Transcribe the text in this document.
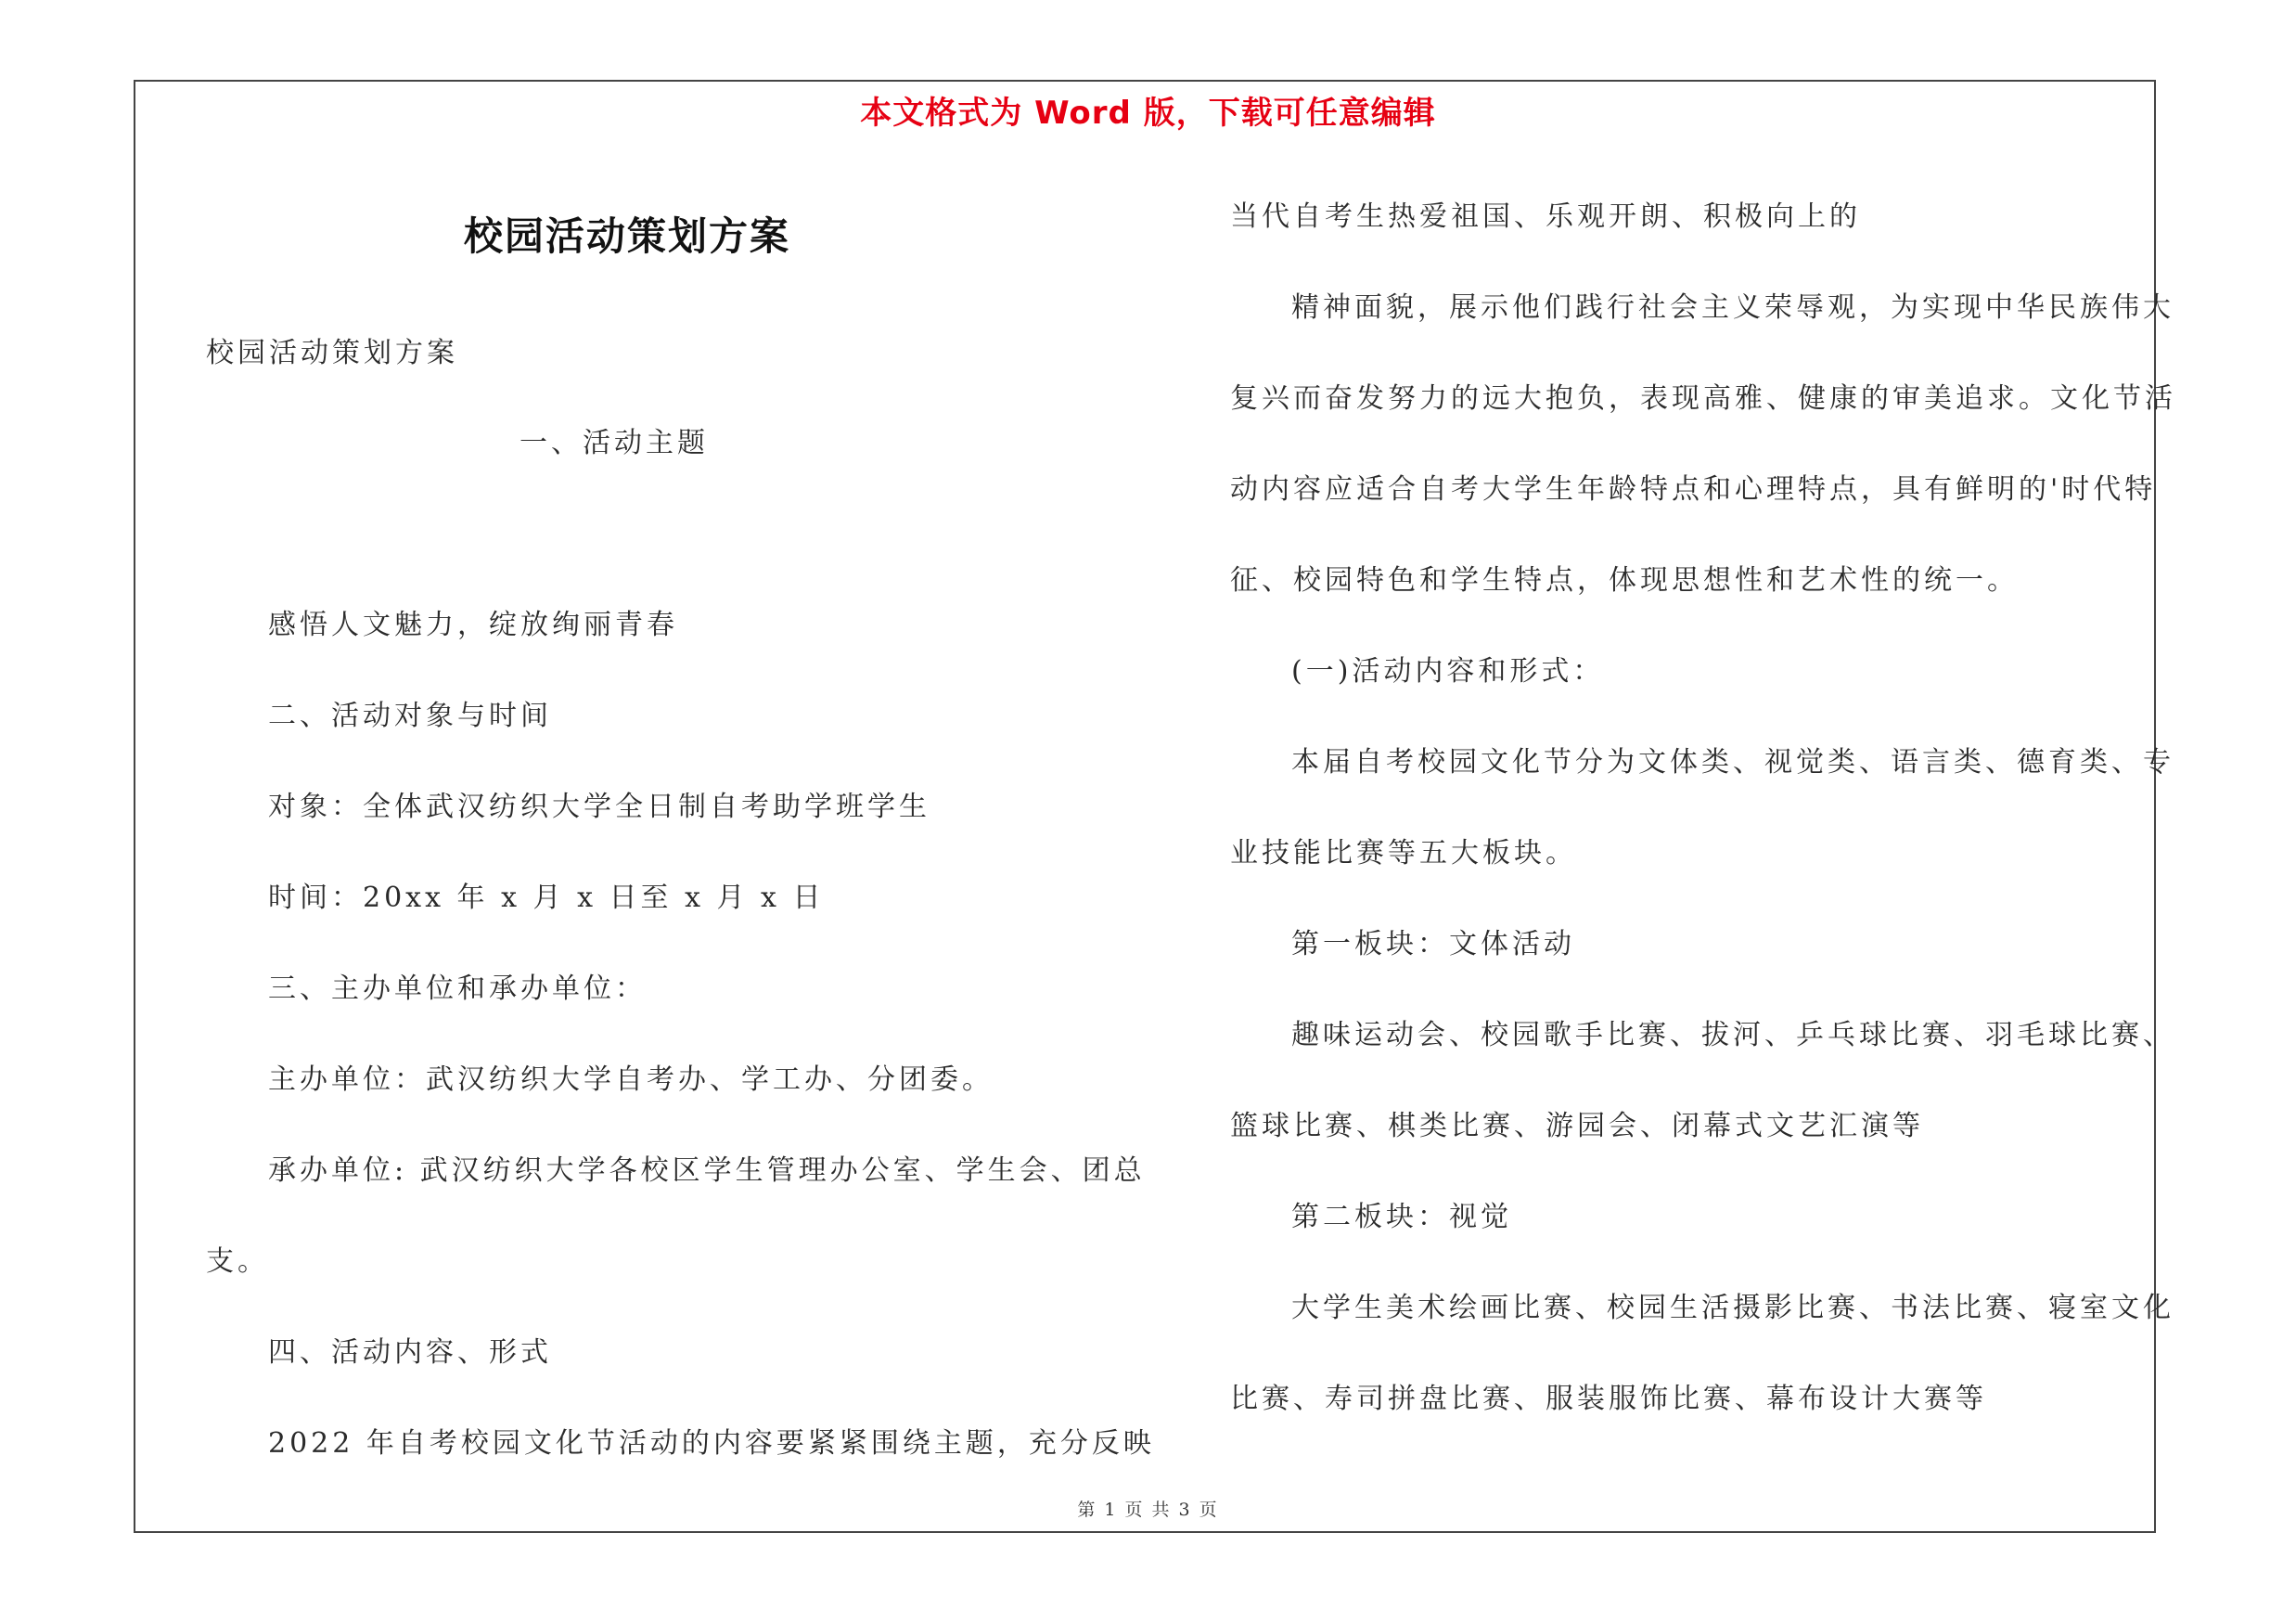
本文格式为 Word 版，下载可任意编辑
校园活动策划方案
校园活动策划方案
一、活动主题
感悟人文魅力，绽放绚丽青春
二、活动对象与时间
对象：全体武汉纺织大学全日制自考助学班学生
时间：20xx 年 x 月 x 日至 x 月 x 日
三、主办单位和承办单位：
主办单位：武汉纺织大学自考办、学工办、分团委。
承办单位: 武汉纺织大学各校区学生管理办公室、学生会、团总
支。
四、活动内容、形式
2022 年自考校园文化节活动的内容要紧紧围绕主题，充分反映
当代自考生热爱祖国、乐观开朗、积极向上的
精神面貌，展示他们践行社会主义荣辱观，为实现中华民族伟大
复兴而奋发努力的远大抱负，表现高雅、健康的审美追求。文化节活
动内容应适合自考大学生年龄特点和心理特点，具有鲜明的'时代特
征、校园特色和学生特点，体现思想性和艺术性的统一。
(一)活动内容和形式：
本届自考校园文化节分为文体类、视觉类、语言类、德育类、专
业技能比赛等五大板块。
第一板块：文体活动
趣味运动会、校园歌手比赛、拔河、乒乓球比赛、羽毛球比赛、
篮球比赛、棋类比赛、游园会、闭幕式文艺汇演等
第二板块：视觉
大学生美术绘画比赛、校园生活摄影比赛、书法比赛、寝室文化
比赛、寿司拼盘比赛、服装服饰比赛、幕布设计大赛等
第 1 页 共 3 页
